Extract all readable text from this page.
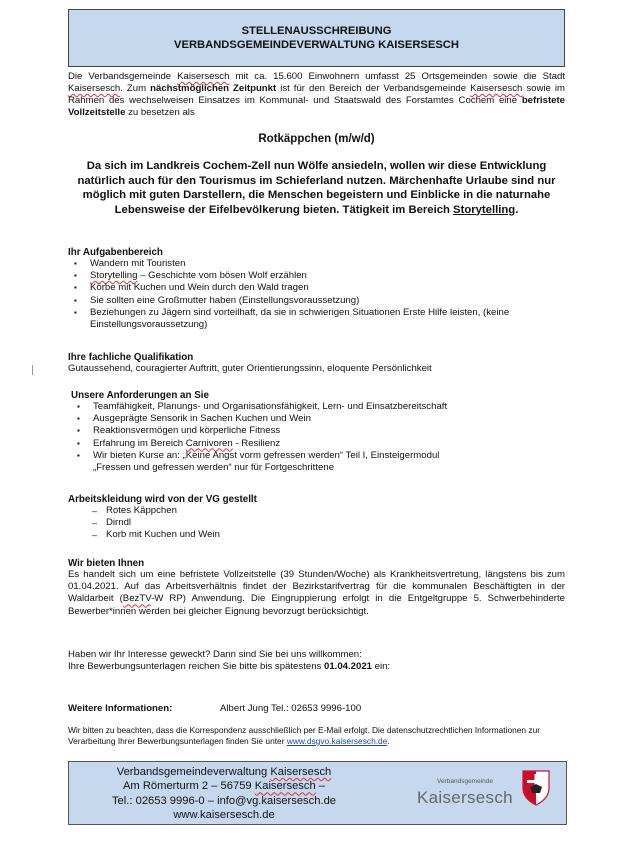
STELLENAUSSCHREIBUNG
VERBANDSGEMEINDEVERWALTUNG KAISERSESCH
Die Verbandsgemeinde Kaisersesch mit ca. 15.600 Einwohnern umfasst 25 Ortsgemeinden sowie die Stadt Kaisersesch. Zum nächstmöglichen Zeitpunkt ist für den Bereich der Verbandsgemeinde Kaisersesch sowie im Rahmen des wechselweisen Einsatzes im Kommunal- und Staatswald des Forstamtes Cochem eine befristete Vollzeitstelle zu besetzen als
Rotkäppchen (m/w/d)
Da sich im Landkreis Cochem-Zell nun Wölfe ansiedeln, wollen wir diese Entwicklung natürlich auch für den Tourismus im Schieferland nutzen. Märchenhafte Urlaube sind nur möglich mit guten Darstellern, die Menschen begeistern und Einblicke in die naturnahe Lebensweise der Eifelbevölkerung bieten. Tätigkeit im Bereich Storytelling.
Ihr Aufgabenbereich
▪ Wandern mit Touristen
▪ Storytelling – Geschichte vom bösen Wolf erzählen
▪ Körbe mit Kuchen und Wein durch den Wald tragen
▪ Sie sollten eine Großmutter haben (Einstellungsvoraussetzung)
▪ Beziehungen zu Jägern sind vorteilhaft, da sie in schwierigen Situationen Erste Hilfe leisten, (keine Einstellungsvoraussetzung)
Ihre fachliche Qualifikation
Gutaussehend, couragierter Auftritt, guter Orientierungssinn, eloquente Persönlichkeit
Unsere Anforderungen an Sie
▪ Teamfähigkeit, Planungs- und Organisationsfähigkeit, Lern- und Einsatzbereitschaft
▪ Ausgeprägte Sensorik in Sachen Kuchen und Wein
▪ Reaktionsvermögen und körperliche Fitness
▪ Erfahrung im Bereich Carnivoren - Resilienz
▪ Wir bieten Kurse an: „Keine Angst vorm gefressen werden“ Teil I, Einsteigermodul
„Fressen und gefressen werden“ nur für Fortgeschrittene
Arbeitskleidung wird von der VG gestellt
– Rotes Käppchen
– Dirndl
– Korb mit Kuchen und Wein
Wir bieten Ihnen
Es handelt sich um eine befristete Vollzeitstelle (39 Stunden/Woche) als Krankheitsvertretung, längstens bis zum 01.04.2021. Auf das Arbeitsverhältnis findet der Bezirkstarifvertrag für die kommunalen Beschäftigten in der Waldarbeit (BezTV-W RP) Anwendung. Die Eingruppierung erfolgt in die Entgeltgruppe 5. Schwerbehinderte Bewerber*innen werden bei gleicher Eignung bevorzugt berücksichtigt.
Haben wir Ihr Interesse geweckt? Dann sind Sie bei uns willkommen:
Ihre Bewerbungsunterlagen reichen Sie bitte bis spätestens 01.04.2021 ein:
Weitere Informationen:	Albert Jung Tel.: 02653 9996-100
Wir bitten zu beachten, dass die Korrespondenz ausschließlich per E-Mail erfolgt. Die datenschutzrechtlichen Informationen zur Verarbeitung Ihrer Bewerbungsunterlagen finden Sie unter www.dsgvo.kaisersesch.de.
Verbandsgemeindeverwaltung Kaisersesch
Am Römerturm 2 – 56759 Kaisersesch –
Tel.: 02653 9996-0 – info@vg.kaisersesch.de
www.kaisersesch.de
Verbandsgemeinde
Kaisersesch
